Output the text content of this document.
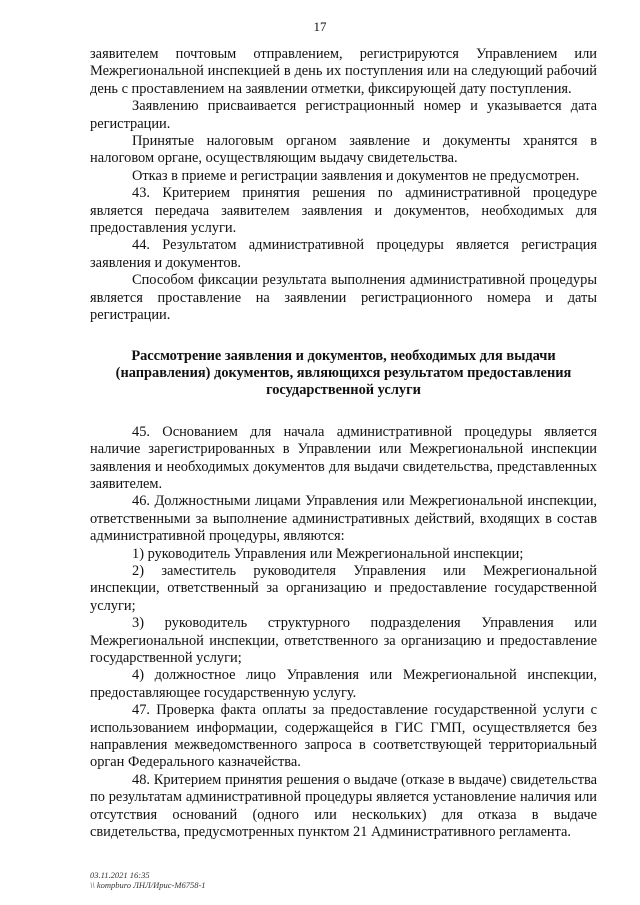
17

заявителем почтовым отправлением, регистрируются Управлением или Межрегиональной инспекцией в день их поступления или на следующий рабочий день с проставлением на заявлении отметки, фиксирующей дату поступления.

Заявлению присваивается регистрационный номер и указывается дата регистрации.

Принятые налоговым органом заявление и документы хранятся в налоговом органе, осуществляющим выдачу свидетельства.

Отказ в приеме и регистрации заявления и документов не предусмотрен.

43. Критерием принятия решения по административной процедуре является передача заявителем заявления и документов, необходимых для предоставления услуги.

44. Результатом административной процедуры является регистрация заявления и документов.

Способом фиксации результата выполнения административной процедуры является проставление на заявлении регистрационного номера и даты регистрации.

Рассмотрение заявления и документов, необходимых для выдачи (направления) документов, являющихся результатом предоставления государственной услуги

45. Основанием для начала административной процедуры является наличие зарегистрированных в Управлении или Межрегиональной инспекции заявления и необходимых документов для выдачи свидетельства, представленных заявителем.

46. Должностными лицами Управления или Межрегиональной инспекции, ответственными за выполнение административных действий, входящих в состав административной процедуры, являются:

1) руководитель Управления или Межрегиональной инспекции;

2) заместитель руководителя Управления или Межрегиональной инспекции, ответственный за организацию и предоставление государственной услуги;

3) руководитель структурного подразделения Управления или Межрегиональной инспекции, ответственного за организацию и предоставление государственной услуги;

4) должностное лицо Управления или Межрегиональной инспекции, предоставляющее государственную услугу.

47. Проверка факта оплаты за предоставление государственной услуги с использованием информации, содержащейся в ГИС ГМП, осуществляется без направления межведомственного запроса в соответствующей территориальный орган Федерального казначейства.

48. Критерием принятия решения о выдаче (отказе в выдаче) свидетельства по результатам административной процедуры является установление наличия или отсутствия оснований (одного или нескольких) для отказа в выдаче свидетельства, предусмотренных пунктом 21 Административного регламента.

03.11.2021 16:35
\\ kompburo ЛНЛ/Ирис-М6758-1
